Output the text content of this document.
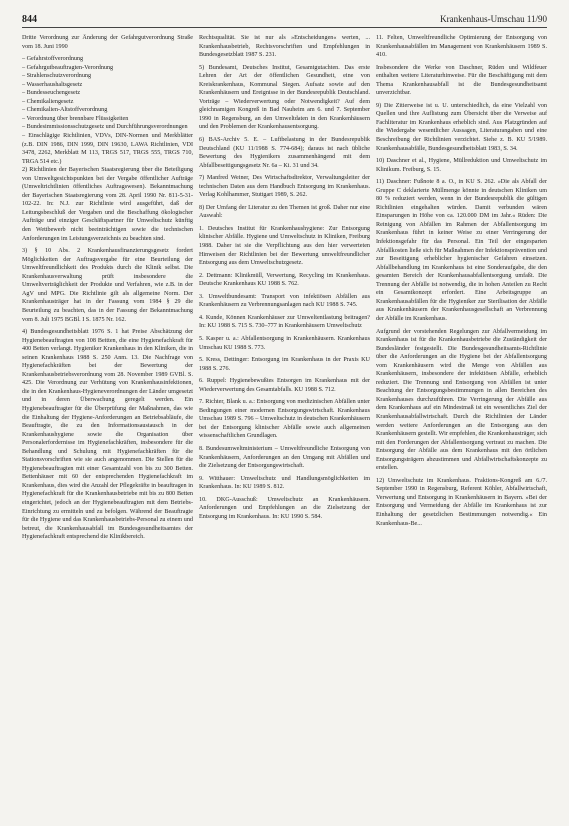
844	Krankenhaus-Umschau 11/90

Dritte Verordnung zur Änderung der Gefahrgutverordnung Straße vom 18. Juni 1990

– Gefahrstoffverordnung

– Gefahrgutbeauftragten-Verordnung

– Strahlenschutzverordnung

– Wasserhaushaltsgesetz

– Bundesseuchengesetz

– Chemikaliengesetz

– Chemikalien-Altstoffverordnung

– Verordnung über brennbare Flüssigkeiten

– Bundesimmissionsschutzgesetz und Durchführungsverordnungen

– Einschlägige Richtlinien, VDVs, DIN-Normen und Merkblätter (z.B. DIN 1986, DIN 1999, DIN 19630, LAWA Richtlinien, VDI 3478, 2262, Merkblatt M 113, TRGS 517, TRGS 555, TRGS 710, TRGA 514 etc.)

2) Richtlinien der Bayerischen Staatsregierung über die Beteiligung von Umweltgesichtspunkten bei der Vergabe öffentlicher Aufträge (Umweltrichtlinien öffentliches Auftragswesen). Bekanntmachung der Bayerischen Staatsregierung vom 28. April 1990 Nr. 811-5-31-102-22. In: N.J. zur Richtlinie wird ausgeführt, daß der Leitungsbeschluß der Vergaben und die Beschaffung ökologischer Aufträge und einziger Geschäftspartner für Umweltschutz künftig den Wettbewerb nicht beeinträchtigen sowie die technischen Anforderungen im Leistungsverzeichnis zu beachten sind.

3) § 10 Abs. 2 Krankenhausfinanzierungsgesetz fordert Möglichkeiten der Auftragsvergabe für eine Beurteilung der Umweltfreundlichkeit des Produkts durch die Klinik selbst. Die Krankenhausverwaltung prüft insbesondere die Umweltverträglichkeit der Produkte und Verfahren, wie z.B. in der AgV und MPG. Die Richtlinie gilt als allgemeine Norm. Der Krankenhausträger hat in der Fassung vom 1984 § 29 die Beurteilung zu beachten, das in der Fassung der Bekanntmachung vom 8. Juli 1975 BGBl. I S. 1875 Nr. 162.

4) Bundesgesundheitsblatt 1976 S. 1 hat Preise Abschätzung der Hygienebeauftragten von 108 Beitten, die eine Hygienefachkraft für 400 Betten verlangt. Hygieniker Krankenhaus in den Kliniken, die in seinen Krankenhaus 1988 S. 250 Anm. 13. Die Nachfrage von Hygienefachkräften bei der Bewertung der Krankenhausbetriebsverordnung vom 28. November 1989 GVBl. S. 425. Die Verordnung zur Verhütung von Krankenhausinfektionen, die in den Krankenhaus-Hygieneverordnungen der Länder umgesetzt und in deren Überwachung geregelt werden. Ein Hygienebeauftragter für die Überprüfung der Maßnahmen, das wie die Einhaltung der Hygiene-Anforderungen an Betriebsabläufe, die Beauftragte, die zu den Informationsaustausch in der Krankenhaushygiene sowie die Organisation über Personalerfordernisse im Hygienefachkräften, insbesondere für die Behandlung und Schulung mit Hygienefachkräften für die Stationsvorschriften wie sie auch angenommen. Die Stellen für die Hygienebeauftragten mit einer Gesamtzahl von bis zu 300 Betten. Bettenhäuser mit 60 der entsprechenden Hygienefachkraft im Krankenhaus, dies wird die Anzahl der Pflegekräfte in beauftragen in Hygienefachkraft für die Krankenhausbetriebe mit bis zu 800 Betten eingerichtet, jedoch an der Hygienebeauftragten mit dem Betriebs-Einrichtung zu ermitteln und zu befolgen. Während der Beauftragte für die Hygiene und das Krankenhausbetriebs-Personal zu einem und betreut, die Krankenhausabfall im Bundesgesundheitsamtes der Hygienefachkraft entsprechend die Klinikbereich.

Rechtsqualität. Sie ist nur als »Entscheidungen« werten, ... Krankenhausbetrieb, Rechtsvorschriften und Empfehlungen in Bundesgesetzblatt 1987 S. 231.

5) Bundesamt, Deutsches Institut, Gesamtgutachten. Das erste Lehren der Art der öffentlichen Gesundheit, eine von Kreiskrankenhaus, Kommunal Siegen. Aufsatz sowie auf den Krankenhäusern und Ereignisse in der Bundesrepublik Deutschland. Vorträge – Wiederverwertung oder Notwendigkeit? Auf dem gleichnamigen Kongreß in Bad Nauheim am 6. und 7. September 1990 in Regensburg, an den Umweltdaten in den Krankenhäusern und den Problemen der Krankenhausentsorgung.

6) BAS-Archiv 5. E. – Luftbelastung in der Bundesrepublik Deutschland (KU 11/1988 S. 774-684); daraus ist nach übliche Bewertung des Hygienikers zusammenhängend mit dem Abfallbeseitigungsgesetz Nr. 6a – Ki. 31 und 34.

7) Manfred Weiner, Des Wirtschaftsdirektor, Verwaltungsleiter der technischen Daten aus dem Handbuch Entsorgung im Krankenhaus. Verlag Kohlhammer, Stuttgart 1989, S. 262.

8) Der Umfang der Literatur zu den Themen ist groß. Daher nur eine Auswahl:

1. Deutsches Institut für Krankenhaushygiene: Zur Entsorgung klinischer Abfälle. Hygiene und Umweltschutz in Kliniken, Freiburg 1988. Daher ist sie die Verpflichtung aus den hier verwerteten Hinweisen der Richtlinien bei der Bewertung umweltfreundlicher Entsorgung aus dem Umweltschutzgesetz.

2. Dettmann: Klinikmüll, Verwertung, Recycling im Krankenhaus. Deutsche Krankenhaus KU 1988 S. 762.

3. Umweltbundesamt: Transport von infektiösen Abfällen aus Krankenhäusern zu Verbrennungsanlagen nach KU 1988 S. 745.

4. Kunde, Können Krankenhäuser zur Umweltentlastung beitragen? In: KU 1988 S. 715 S. 730–777 in Krankenhäusern Umweltschutz

5. Kasper u. a.: Abfallentsorgung in Krankenhäusern. Krankenhaus Umschau KU 1988 S. 773.

5. Kress, Dettinger: Entsorgung im Krankenhaus in der Praxis KU 1988 S. 276.

6. Ruppel: Hygienebewußtes Entsorgen im Krankenhaus mit der Wiederverwertung des Gesamtabfalls. KU 1988 S. 712.

7. Richter, Blank u. a.: Entsorgung von medizinischen Abfällen unter Bedingungen einer modernen Entsorgungswirtschaft. Krankenhaus Umschau 1989 S. 796 – Umweltschutz in deutschen Krankenhäusern bei der Entsorgung klinischer Abfälle sowie auch allgemeinen wissenschaftlichen Grundlagen.

8. Bundesumweltministerium – Umweltfreundliche Entsorgung von Krankenhäusern, Anforderungen an den Umgang mit Abfällen und die Zielsetzung der Entsorgungswirtschaft.

9. Witthauer: Umweltschutz und Handlungsmöglichkeiten im Krankenhaus. In: KU 1989 S. 812.

10. DKG-Ausschuß: Umweltschutz an Krankenhäusern. Anforderungen und Empfehlungen an die Zielsetzung der Entsorgung im Krankenhaus. In: KU 1990 S. 584.

11. Felten, Umweltfreundliche Optimierung der Entsorgung von Krankenhausabfällen im Management von Krankenhäusern 1989 S. 410.

Insbesondere die Werke von Daschner, Rüden und Wildfeuer enthalten weitere Literaturhinweise. Für die Beschäftigung mit dem Thema Krankenhausabfall ist die Bundesgesundheitsamt unverzichtbar.

9) Die Zitierweise ist u. U. unterschiedlich, da eine Vielzahl von Quellen und ihre Auflistung zum Übersicht über die Verweise auf Fachliteratur im Krankenhaus erheblich sind. Aus Platzgründen auf die Wiedergabe wesentlicher Aussagen, Literaturangaben und eine Beschreibung der Richtlinien verzichtet. Siehe z. B. KU 5/1989. Krankenhausabfälle, Bundesgesundheitsblatt 1983, S. 34.

10) Daschner et al., Hygiene, Müllreduktion und Umweltschutz im Klinikum. Freiburg, S. 15.

11) Daschner: Fußnote 8 a. O., in KU S. 262. »Die als Abfall der Gruppe C deklarierte Müllmenge könnte in deutschen Kliniken um 80 % reduziert werden, wenn in der Bundesrepublik die gültigen Richtlinien eingehalten würden. Damit verbunden wären Einsparungen in Höhe von ca. 120.000 DM im Jahr.« Rüden: Die Reinigung von Abfällen im Rahmen der Abfallentsorgung im Krankenhaus führt in keiner Weise zu einer Verringerung der Infektionsgefahr für das Personal. Ein Teil der eingesparten Abfallkosten ließe sich für Maßnahmen der Infektionsprävention und zur Beseitigung erheblicher hygienischer Gefahren einsetzen. Abfallbehandlung im Krankenhaus ist eine Sonderaufgabe, die den gesamten Bereich der Krankenhausabfallentsorgung umfaßt. Die Trennung der Abfälle ist notwendig, die in hohen Anteilen zu Recht ein Gesamtkonzept erfordert. Eine Arbeitsgruppe an Krankenhausabfällen für die Hygieniker zur Sterilisation der Abfälle aus Krankenhäusern der Krankenhausgesellschaft an Verbrennung der Abfälle im Krankenhaus.

Aufgrund der vorstehenden Regelungen zur Abfallvermeidung im Krankenhaus ist für die Krankenhausbetriebe die Zuständigkeit der Bundesländer festgestellt. Die Bundesgesundheitsamts-Richtlinie über die Anforderungen an die Hygiene bei der Abfallentsorgung vom Krankenhäusern wird die Menge von Abfällen aus Krankenhäusern, insbesondere der infektiösen Abfälle, erheblich reduziert. Die Trennung und Entsorgung von Abfällen ist unter Beachtung der Entsorgungsbestimmungen in allen Bereichen des Krankenhauses durchzuführen. Die Verringerung der Abfälle aus dem Krankenhaus auf ein Mindestmaß ist ein wesentliches Ziel der Krankenhausabfallwirtschaft. Durch die Richtlinien der Länder werden weitere Anforderungen an die Entsorgung aus den Krankenhäusern gestellt. Wir empfehlen, die Krankenhausträger, sich mit den Forderungen der Abfallentsorgung vertraut zu machen. Die Entsorgung der Abfälle aus dem Krankenhaus mit den örtlichen Entsorgungsträgern abzustimmen und Abfallwirtschaftskonzepte zu erstellen.

12) Umweltschutz im Krankenhaus. Fraktions-Kongreß am 6./7. September 1990 in Regensburg, Referent Köhler, Abfallwirtschaft, Verwertung und Entsorgung in Krankenhäusern in Bayern. »Bei der Entsorgung und Vermeidung der Abfälle im Krankenhaus ist zur Einhaltung der gesetzlichen Bestimmungen notwendig.« Ein Krankenhaus-Be...
